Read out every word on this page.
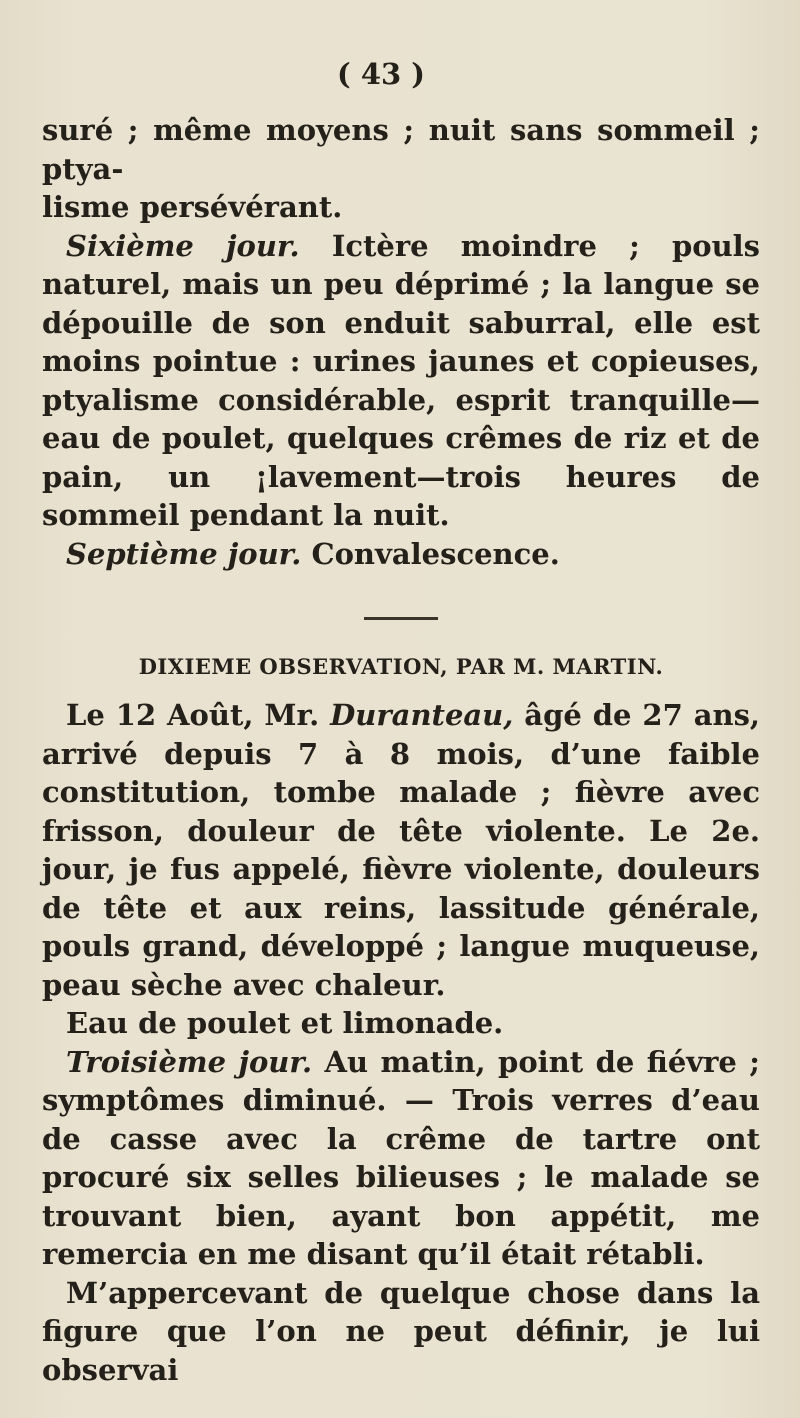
( 43 )

suré ; même moyens ; nuit sans sommeil ; ptya-
lisme persévérant.

Sixième jour. Ictère moindre ; pouls naturel, mais un peu déprimé ; la langue se dépouille de son enduit saburral, elle est moins pointue : urines jaunes et copieuses, ptyalisme considérable, esprit tranquille—eau de poulet, quelques crêmes de riz et de pain, un ¡lavement—trois heures de sommeil pendant la nuit.

Septième jour. Convalescence.

DIXIEME OBSERVATION, PAR M. MARTIN.

Le 12 Août, Mr. Duranteau, âgé de 27 ans, arrivé depuis 7 à 8 mois, d’une faible constitution, tombe malade ; fièvre avec frisson, douleur de tête violente. Le 2e. jour, je fus appelé, fièvre violente, douleurs de tête et aux reins, lassitude générale, pouls grand, développé ; langue muqueuse, peau sèche avec chaleur.

Eau de poulet et limonade.

Troisième jour. Au matin, point de fiévre ; symptômes diminué. — Trois verres d’eau de casse avec la crême de tartre ont procuré six selles bilieuses ; le malade se trouvant bien, ayant bon appétit, me remercia en me disant qu’il était rétabli.

M’appercevant de quelque chose dans la figure que l’on ne peut définir, je lui observai
